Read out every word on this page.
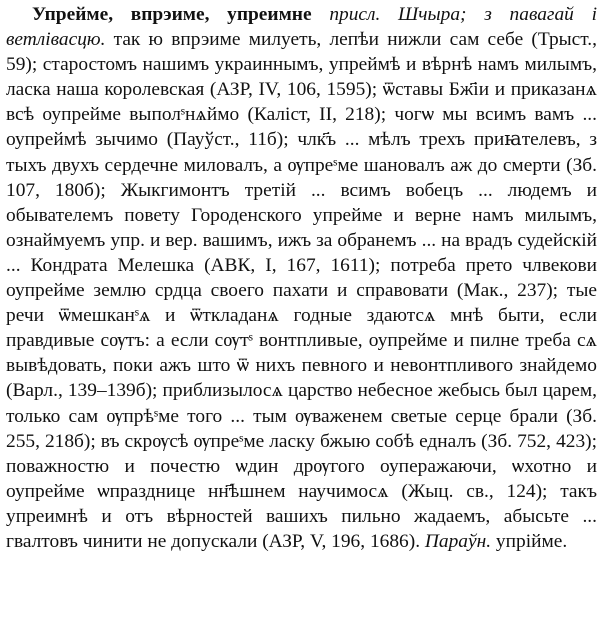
Упрейме, впрэиме, упреимне присл. Шчыра; з павагай і ветлівасцю. так ю впрэиме милуеть, лепѣи нижли сам себе (Трыст., 59); старостомъ нашимъ украиннымъ, упреймѣ и вѣрнѣ намъ милымъ, ласка наша королевская (АЗР, IV, 106, 1595); ѿставы Бж҃іи и приказанѧ всѣ оупрейме выполˢнѧймо (Каліст, II, 218); чогѡ мы всимъ вамъ ... оупреймѣ зычимо (Пауўст., 11б); члк҃ъ ... мѣлъ трехъ приꙗтелевъ, з тыхъ двухъ сердечне миловалъ, а ѹпреˢме шановалъ аж до смерти (Зб. 107, 180б); Жыкгимонтъ третій ... всимъ вобецъ ... людемъ и обывателемъ повету Городенского упрейме и верне намъ милымъ, ознаймуемъ упр. и вер. вашимъ, ижъ за обранемъ ... на врадъ судейскій ... Кондрата Мелешка (АВК, I, 167, 1611); потреба прето члвекови оупрейме землю срдца своего пахати и справовати (Мак., 237); тые речи ѿмешканˢѧ и ѿткладанѧ годные здаютсѧ мнѣ быти, если правдивые сѹтъ: а если сѹтˢ вонтпливые, оупрейме и пилне треба сѧ вывѣдовать, поки ажъ што ѿ нихъ певного и невонтпливого знайдемо (Варл., 139–139б); приблизылосѧ царство небесное жебысь был царем, только сам ѹпрѣˢме того ... тым ѹваженем светые серце брали (Зб. 255, 218б); въ скрѹсѣ ѹпреˢме ласку бжыю собѣ едналъ (Зб. 752, 423); поважностю и почестю ѡдин дрѹгого оуперажаючи, ѡхотно и оупрейме ѡпразднице нн҃ѣшнем научимосѧ (Жыц. св., 124); такъ упреимнѣ и отъ вѣрностей вашихъ пильно жадаемъ, абысьте ... гвалтовъ чинити не допускали (АЗР, V, 196, 1686). Параўн. упрійме.
